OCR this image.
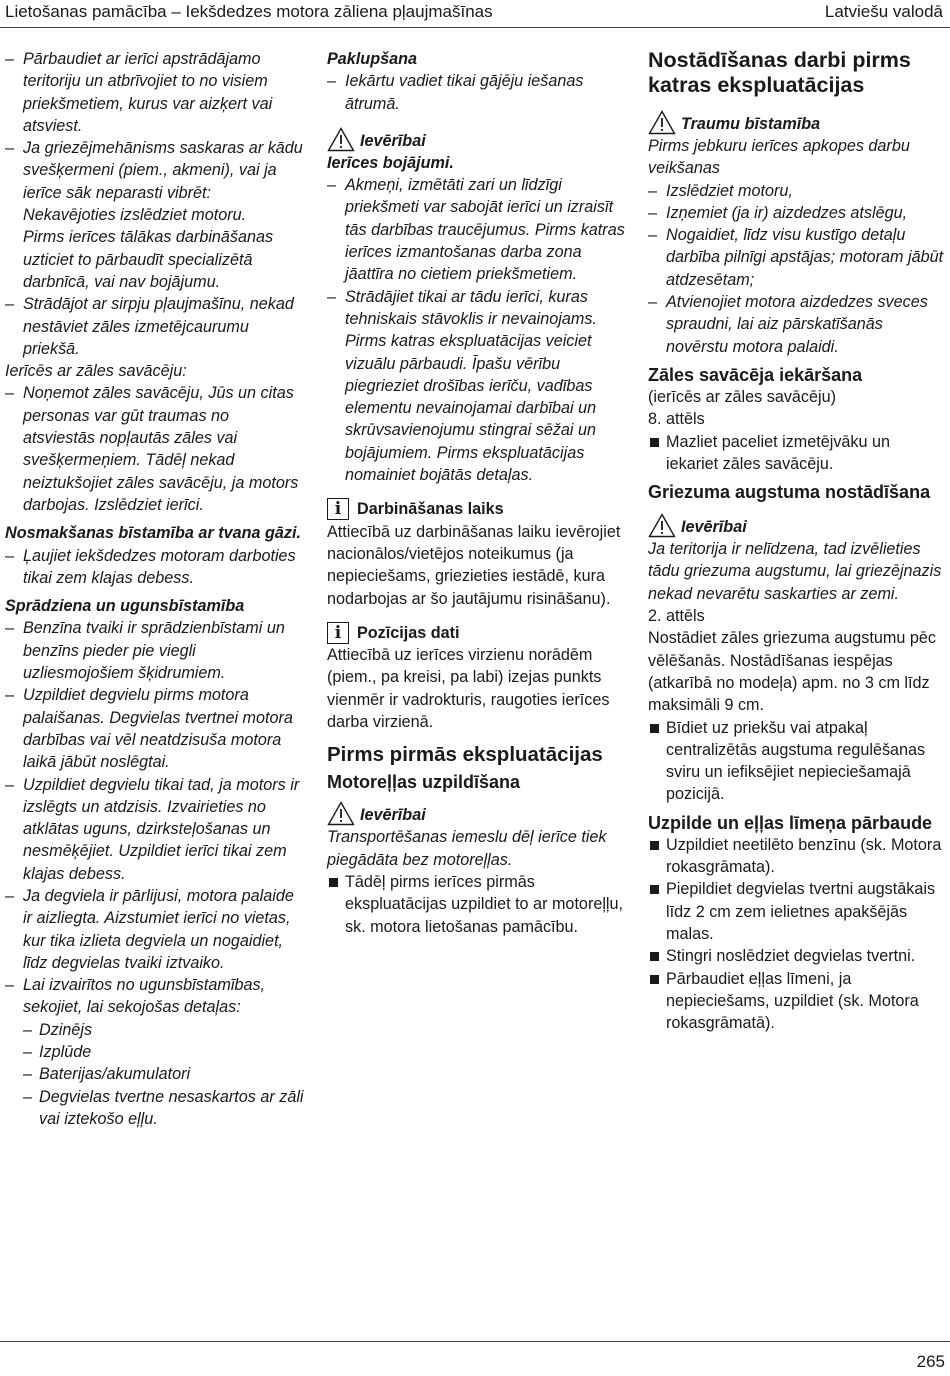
Lietošanas pamācība – Iekšdedzes motora zāliena pļaujmašīnas	Latviešu valodā
– Pārbaudiet ar ierīci apstrādājamo teritoriju un atbrīvojiet to no visiem priekšmetiem, kurus var aizķert vai atsviest.
– Ja griezējmehānisms saskaras ar kādu svešķermeni (piem., akmeni), vai ja ierīce sāk neparasti vibrēt: Nekavējoties izslēdziet motoru.
Pirms ierīces tālākas darbināšanas uzticiet to pārbaudīt specializētā darbnīcā, vai nav bojājumu.
– Strādājot ar sirpju pļaujmašīnu, nekad nestāviet zāles izmetējcaurumu priekšā.
Ierīcēs ar zāles savācēju:
– Noņemot zāles savācēju, Jūs un citas personas var gūt traumas no atsviestās nopļautās zāles vai svešķermeņiem. Tādēļ nekad neiztukšojiet zāles savācēju, ja motors darbojas. Izslēdziet ierīci.
Nosmakšanas bīstamība ar tvana gāzi.
– Ļaujiet iekšdedzes motoram darboties tikai zem klajas debess.
Sprādziena un ugunsbīstamība
– Benzīna tvaiki ir sprādzienbīstami un benzīns pieder pie viegli uzliesmojošiem šķidrumiem.
– Uzpildiet degvielu pirms motora palaišanas. Degvielas tvertnei motora darbības vai vēl neatdzisuša motora laikā jābūt noslēgtai.
– Uzpildiet degvielu tikai tad, ja motors ir izslēgts un atdzisis. Izvairieties no atklātas uguns, dzirksteļošanas un nesmēķējiet. Uzpildiet ierīci tikai zem klajas debess.
– Ja degviela ir pārlijusi, motora palaide ir aizliegta. Aizstumiet ierīci no vietas, kur tika izlieta degviela un nogaidiet, līdz degvielas tvaiki iztvaiko.
– Lai izvairītos no ugunsbīstamības, sekojiet, lai sekojošas detaļas:
– Dzinējs
– Izplūde
– Baterijas/akumulatori
– Degvielas tvertne nesaskartos ar zāli vai iztekošo eļļu.
Paklupšana
– Iekārtu vadiet tikai gājēju iešanas ātrumā.
Ievērībai
Ierīces bojājumi.
– Akmeņi, izmētāti zari un līdzīgi priekšmeti var sabojāt ierīci un izraisīt tās darbības traucējumus. Pirms katras ierīces izmantošanas darba zona jāattīra no cietiem priekšmetiem.
– Strādājiet tikai ar tādu ierīci, kuras tehniskais stāvoklis ir nevainojams. Pirms katras ekspluatācijas veiciet vizuālu pārbaudi. Īpašu vērību piegrieziet drošības ierīču, vadības elementu nevainojamai darbībai un skrūvsavienojumu stingrai sēžai un bojājumiem. Pirms ekspluatācijas nomainiet bojātās detaļas.
i Darbināšanas laiks
Attiecībā uz darbināšanas laiku ievērojiet nacionālos/vietējos noteikumus (ja nepieciešams, griezieties iestādē, kura nodarbojas ar šo jautājumu risināšanu).
i Pozīcijas dati
Attiecībā uz ierīces virzienu norādēm (piem., pa kreisi, pa labi) izejas punkts vienmēr ir vadrokturis, raugoties ierīces darba virzienā.
Pirms pirmās ekspluatācijas
Motoreļļas uzpildīšana
Ievērībai
Transportēšanas iemeslu dēļ ierīce tiek piegādāta bez motoreļļas.
Tādēļ pirms ierīces pirmās ekspluatācijas uzpildiet to ar motoreļļu, sk. motora lietošanas pamācību.
Nostādīšanas darbi pirms katras ekspluatācijas
Traumu bīstamība
Pirms jebkuru ierīces apkopes darbu veikšanas
– Izslēdziet motoru,
– Izņemiet (ja ir) aizdedzes atslēgu,
– Nogaidiet, līdz visu kustīgo detaļu darbība pilnīgi apstājas; motoram jābūt atdzesētam;
– Atvienojiet motora aizdedzes sveces spraudni, lai aiz pārskatīšanās novērstu motora palaidi.
Zāles savācēja iekāršana
(ierīcēs ar zāles savācēju)
8. attēls
Mazliet paceliet izmetējvāku un iekariet zāles savācēju.
Griezuma augstuma nostādīšana
Ievērībai
Ja teritorija ir nelīdzena, tad izvēlieties tādu griezuma augstumu, lai griezējnazis nekad nevarētu saskarties ar zemi.
2. attēls
Nostādiet zāles griezuma augstumu pēc vēlēšanās. Nostādīšanas iespējas (atkarībā no modeļa) apm. no 3 cm līdz maksimāli 9 cm.
Bīdiet uz priekšu vai atpakaļ centralizētās augstuma regulēšanas sviru un iefiksējiet nepieciešamajā pozicijā.
Uzpilde un eļļas līmeņa pārbaude
Uzpildiet neetilēto benzīnu (sk. Motora rokasgrāmata).
Piepildiet degvielas tvertni augstākais līdz 2 cm zem ielietnes apakšējās malas.
Stingri noslēdziet degvielas tvertni.
Pārbaudiet eļļas līmeni, ja nepieciešams, uzpildiet (sk. Motora rokasgrāmatā).
265
